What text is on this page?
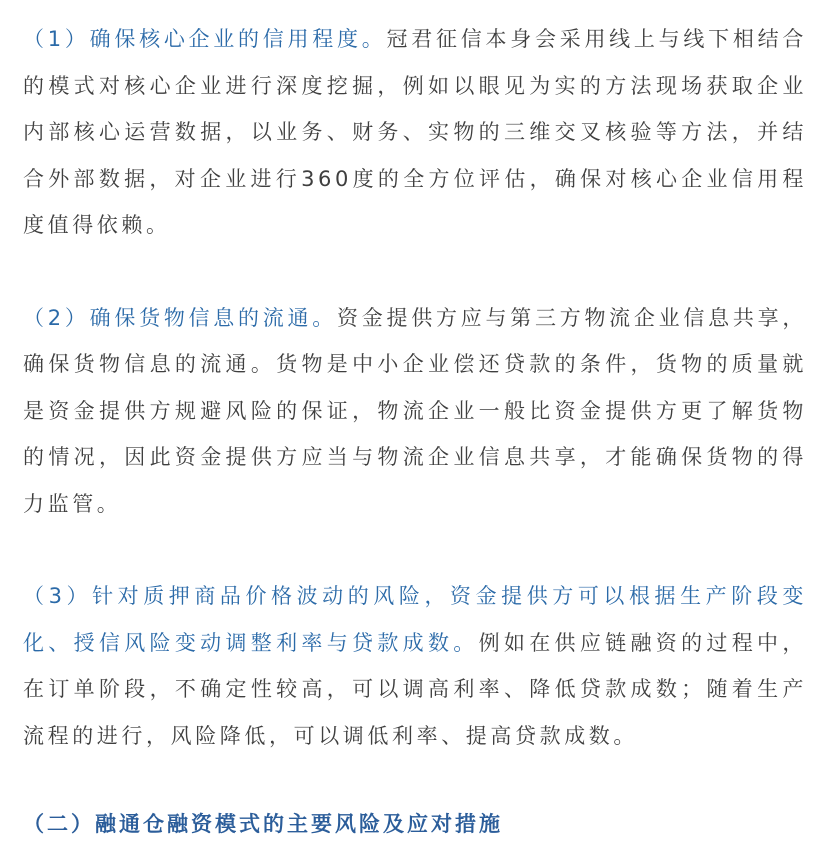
（1）确保核心企业的信用程度。冠君征信本身会采用线上与线下相结合的模式对核心企业进行深度挖掘，例如以眼见为实的方法现场获取企业内部核心运营数据，以业务、财务、实物的三维交叉核验等方法，并结合外部数据，对企业进行360度的全方位评估，确保对核心企业信用程度值得依赖。

（2）确保货物信息的流通。资金提供方应与第三方物流企业信息共享，确保货物信息的流通。货物是中小企业偿还贷款的条件，货物的质量就是资金提供方规避风险的保证，物流企业一般比资金提供方更了解货物的情况，因此资金提供方应当与物流企业信息共享，才能确保货物的得力监管。

（3）针对质押商品价格波动的风险，资金提供方可以根据生产阶段变化、授信风险变动调整利率与贷款成数。例如在供应链融资的过程中，在订单阶段，不确定性较高，可以调高利率、降低贷款成数；随着生产流程的进行，风险降低，可以调低利率、提高贷款成数。

（二）融通仓融资模式的主要风险及应对措施
